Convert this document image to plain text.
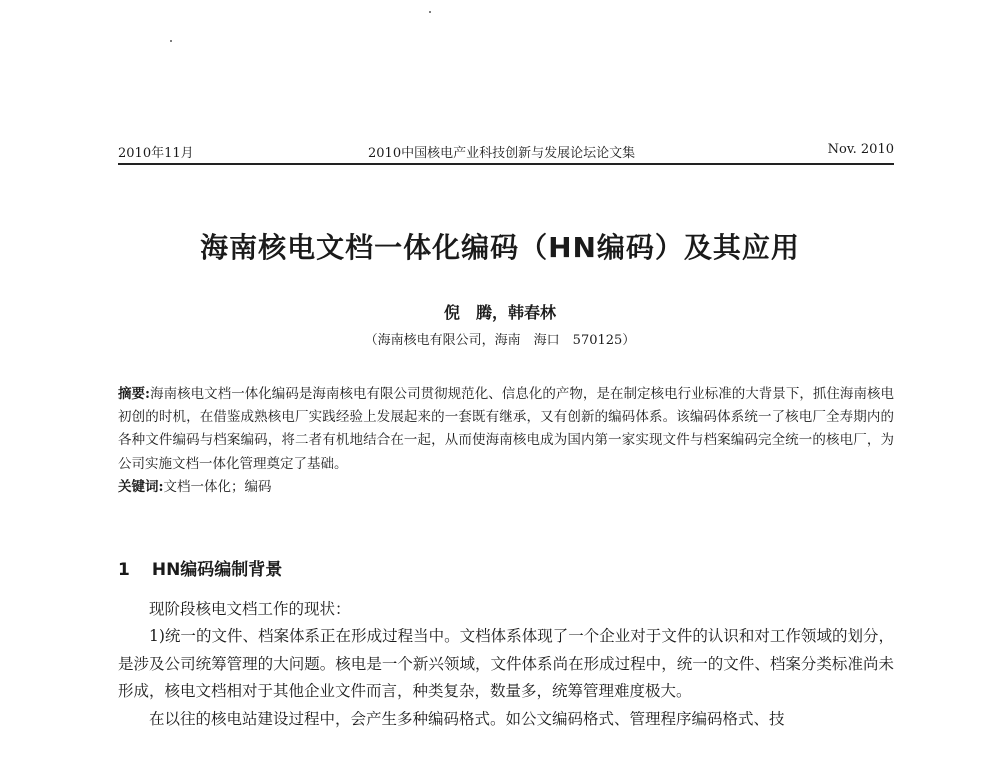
2010年11月	2010中国核电产业科技创新与发展论坛论文集	Nov. 2010
海南核电文档一体化编码（HN编码）及其应用
倪　腾，韩春林
（海南核电有限公司，海南　海口　570125）
摘要:海南核电文档一体化编码是海南核电有限公司贯彻规范化、信息化的产物，是在制定核电行业标准的大背景下，抓住海南核电初创的时机，在借鉴成熟核电厂实践经验上发展起来的一套既有继承，又有创新的编码体系。该编码体系统一了核电厂全寿期内的各种文件编码与档案编码，将二者有机地结合在一起，从而使海南核电成为国内第一家实现文件与档案编码完全统一的核电厂，为公司实施文档一体化管理奠定了基础。
关键词:文档一体化；编码
1 HN编码编制背景

现阶段核电文档工作的现状：

1)统一的文件、档案体系正在形成过程当中。文档体系体现了一个企业对于文件的认识和对工作领域的划分，是涉及公司统筹管理的大问题。核电是一个新兴领域，文件体系尚在形成过程中，统一的文件、档案分类标准尚未形成，核电文档相对于其他企业文件而言，种类复杂，数量多，统筹管理难度极大。

在以往的核电站建设过程中，会产生多种编码格式。如公文编码格式、管理程序编码格式、技
